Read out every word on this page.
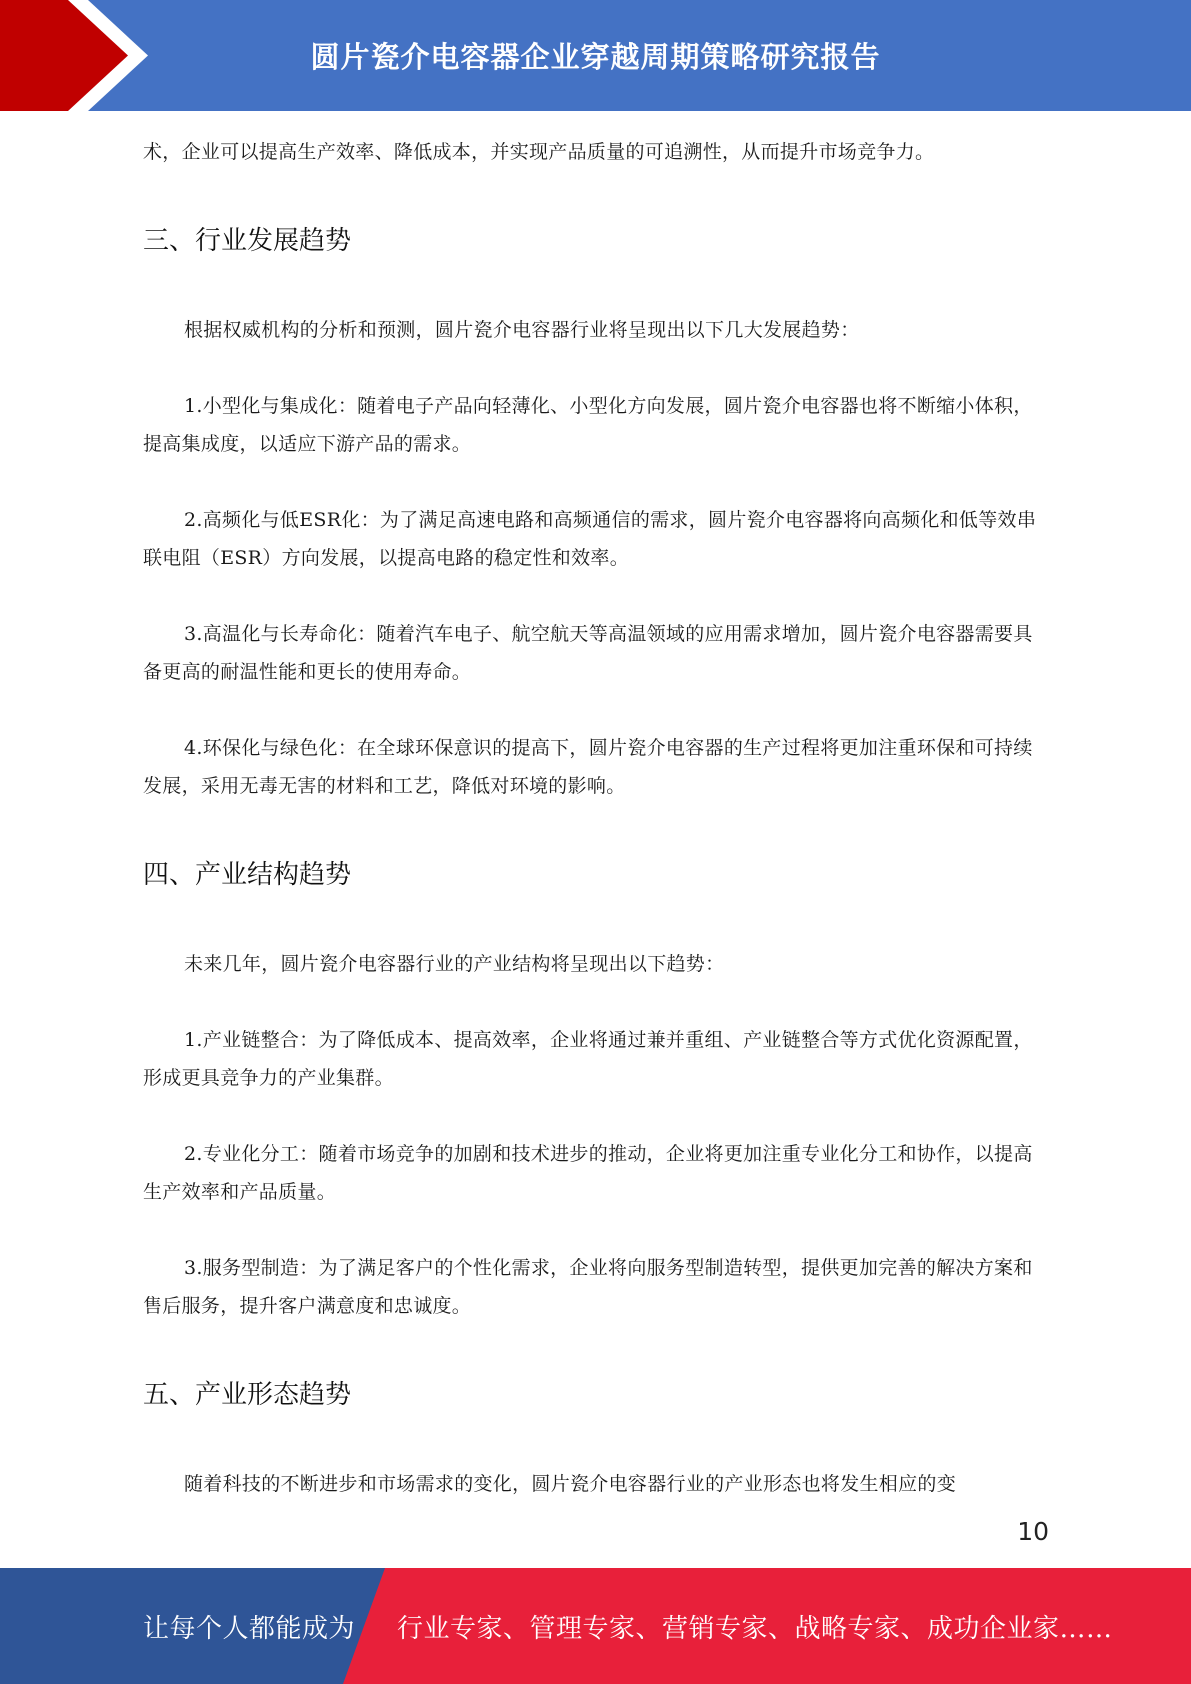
圆片瓷介电容器企业穿越周期策略研究报告

术，企业可以提高生产效率、降低成本，并实现产品质量的可追溯性，从而提升市场竞争力。

三、行业发展趋势

根据权威机构的分析和预测，圆片瓷介电容器行业将呈现出以下几大发展趋势：

1.小型化与集成化：随着电子产品向轻薄化、小型化方向发展，圆片瓷介电容器也将不断缩小体积，提高集成度，以适应下游产品的需求。

2.高频化与低ESR化：为了满足高速电路和高频通信的需求，圆片瓷介电容器将向高频化和低等效串联电阻（ESR）方向发展，以提高电路的稳定性和效率。

3.高温化与长寿命化：随着汽车电子、航空航天等高温领域的应用需求增加，圆片瓷介电容器需要具备更高的耐温性能和更长的使用寿命。

4.环保化与绿色化：在全球环保意识的提高下，圆片瓷介电容器的生产过程将更加注重环保和可持续发展，采用无毒无害的材料和工艺，降低对环境的影响。

四、产业结构趋势

未来几年，圆片瓷介电容器行业的产业结构将呈现出以下趋势：

1.产业链整合：为了降低成本、提高效率，企业将通过兼并重组、产业链整合等方式优化资源配置，形成更具竞争力的产业集群。

2.专业化分工：随着市场竞争的加剧和技术进步的推动，企业将更加注重专业化分工和协作，以提高生产效率和产品质量。

3.服务型制造：为了满足客户的个性化需求，企业将向服务型制造转型，提供更加完善的解决方案和售后服务，提升客户满意度和忠诚度。

五、产业形态趋势

随着科技的不断进步和市场需求的变化，圆片瓷介电容器行业的产业形态也将发生相应的变

10
让每个人都能成为 行业专家、管理专家、营销专家、战略专家、成功企业家……
